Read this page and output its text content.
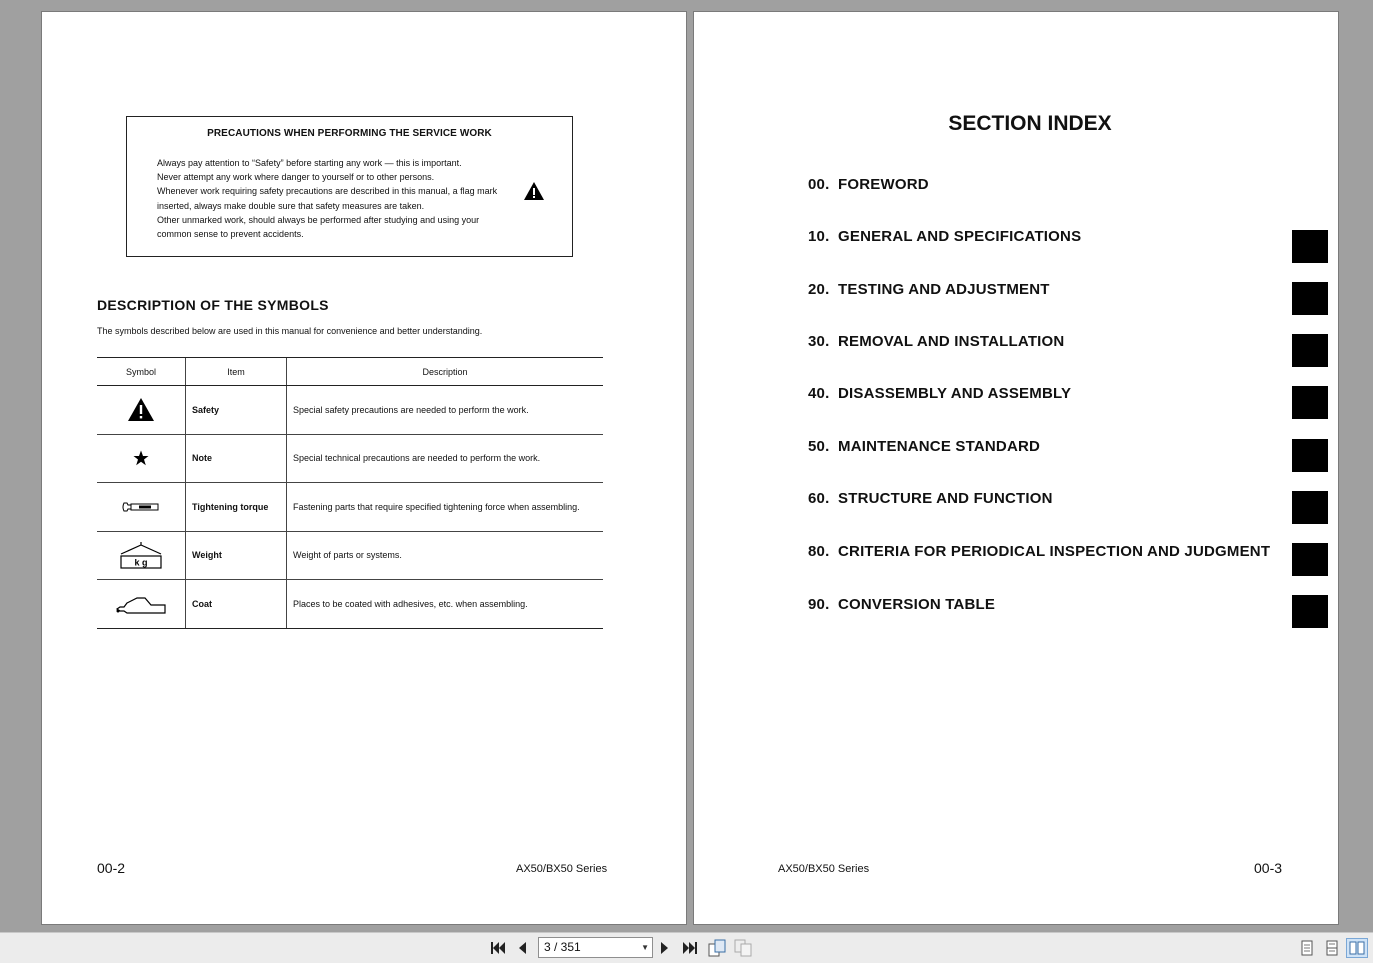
PRECAUTIONS WHEN PERFORMING THE SERVICE WORK
Always pay attention to “Safety” before starting any work — this is important.
Never attempt any work where danger to yourself or to other persons.
Whenever work requiring safety precautions are described in this manual, a flag mark
inserted, always make double sure that safety measures are taken.
Other unmarked work, should always be performed after studying and using your
common sense to prevent accidents.
DESCRIPTION OF THE SYMBOLS
The symbols described below are used in this manual for convenience and better understanding.
Symbol	Item	Description
Safety	Special safety precautions are needed to perform the work.
Note	Special technical precautions are needed to perform the work.
Tightening torque	Fastening parts that require specified tightening force when assembling.
k g
Weight	Weight of parts or systems.
Coat	Places to be coated with adhesives, etc. when assembling.
00-2	AX50/BX50 Series
SECTION INDEX
00. FOREWORD
10. GENERAL AND SPECIFICATIONS
20. TESTING AND ADJUSTMENT
30. REMOVAL AND INSTALLATION
40. DISASSEMBLY AND ASSEMBLY
50. MAINTENANCE STANDARD
60. STRUCTURE AND FUNCTION
80. CRITERIA FOR PERIODICAL INSPECTION AND JUDGMENT
90. CONVERSION TABLE
AX50/BX50 Series	00-3
3 / 351	▼
